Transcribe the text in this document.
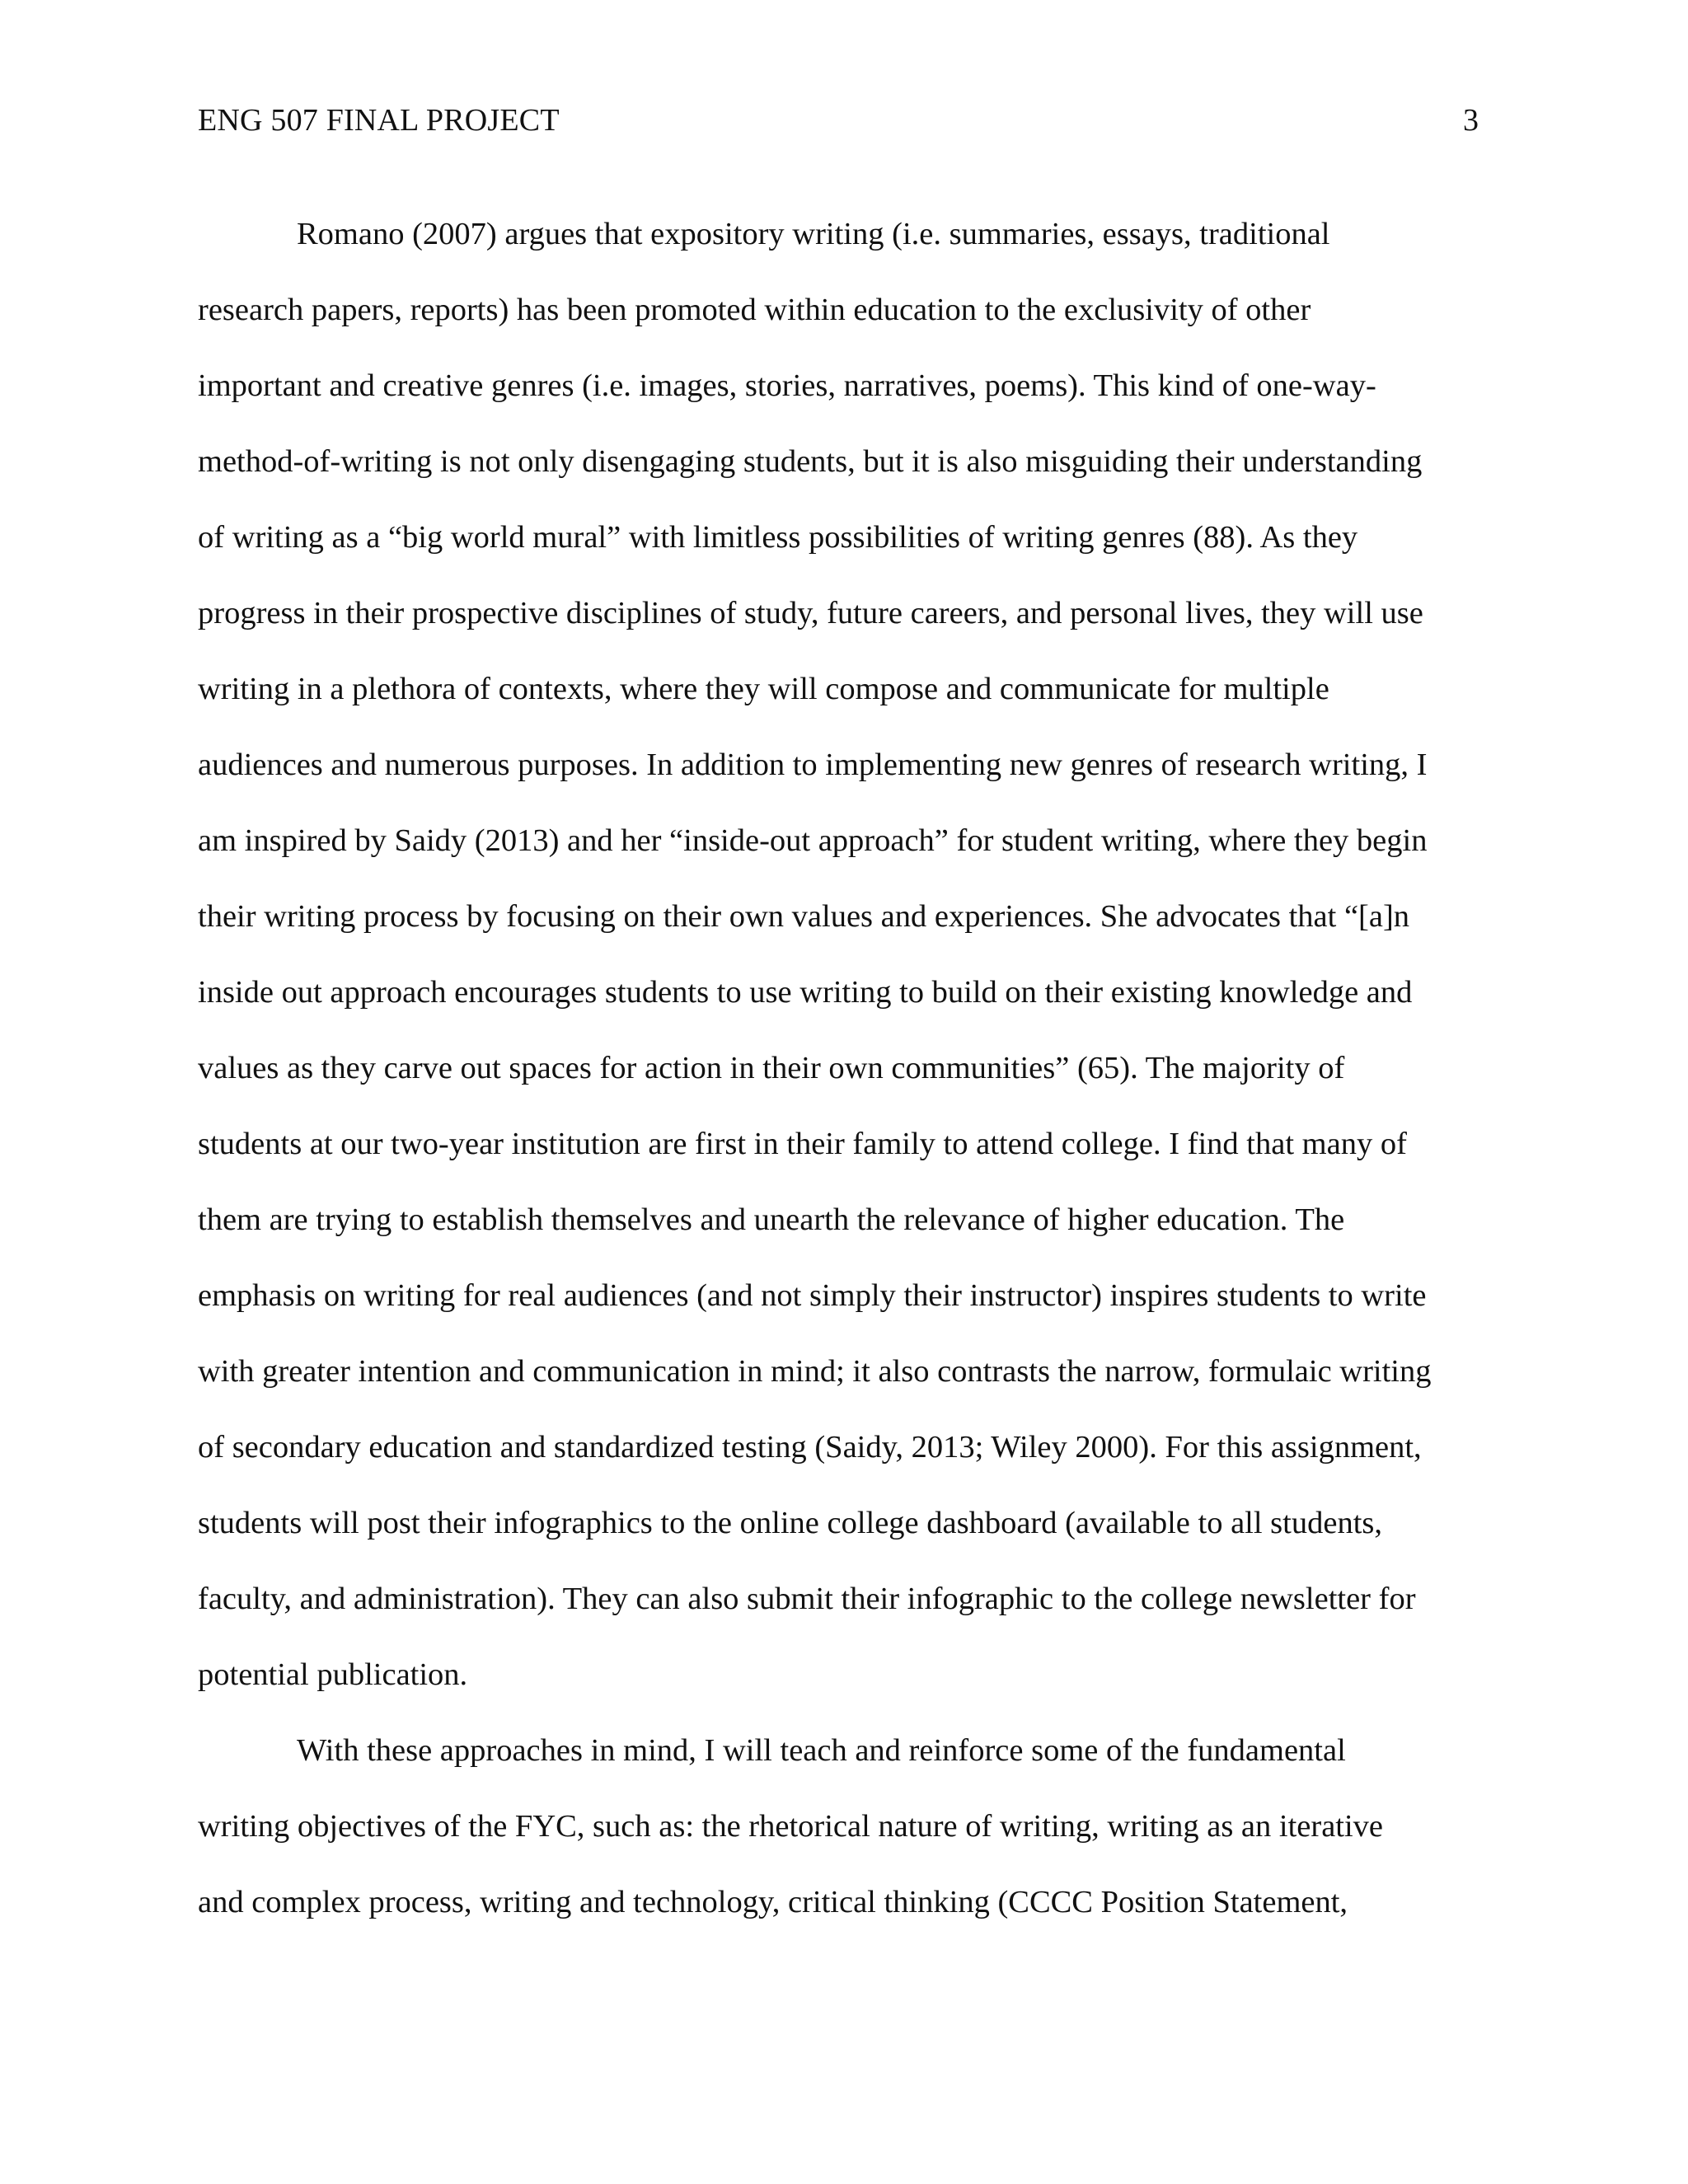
ENG 507 FINAL PROJECT	3
Romano (2007) argues that expository writing (i.e. summaries, essays, traditional
research papers, reports) has been promoted within education to the exclusivity of other
important and creative genres (i.e. images, stories, narratives, poems). This kind of one-way-
method-of-writing is not only disengaging students, but it is also misguiding their understanding
of writing as a “big world mural” with limitless possibilities of writing genres (88). As they
progress in their prospective disciplines of study, future careers, and personal lives, they will use
writing in a plethora of contexts, where they will compose and communicate for multiple
audiences and numerous purposes. In addition to implementing new genres of research writing, I
am inspired by Saidy (2013) and her “inside-out approach” for student writing, where they begin
their writing process by focusing on their own values and experiences. She advocates that “[a]n
inside out approach encourages students to use writing to build on their existing knowledge and
values as they carve out spaces for action in their own communities” (65). The majority of
students at our two-year institution are first in their family to attend college. I find that many of
them are trying to establish themselves and unearth the relevance of higher education. The
emphasis on writing for real audiences (and not simply their instructor) inspires students to write
with greater intention and communication in mind; it also contrasts the narrow, formulaic writing
of secondary education and standardized testing (Saidy, 2013; Wiley 2000). For this assignment,
students will post their infographics to the online college dashboard (available to all students,
faculty, and administration). They can also submit their infographic to the college newsletter for
potential publication.
With these approaches in mind, I will teach and reinforce some of the fundamental
writing objectives of the FYC, such as: the rhetorical nature of writing, writing as an iterative
and complex process, writing and technology, critical thinking (CCCC Position Statement,
